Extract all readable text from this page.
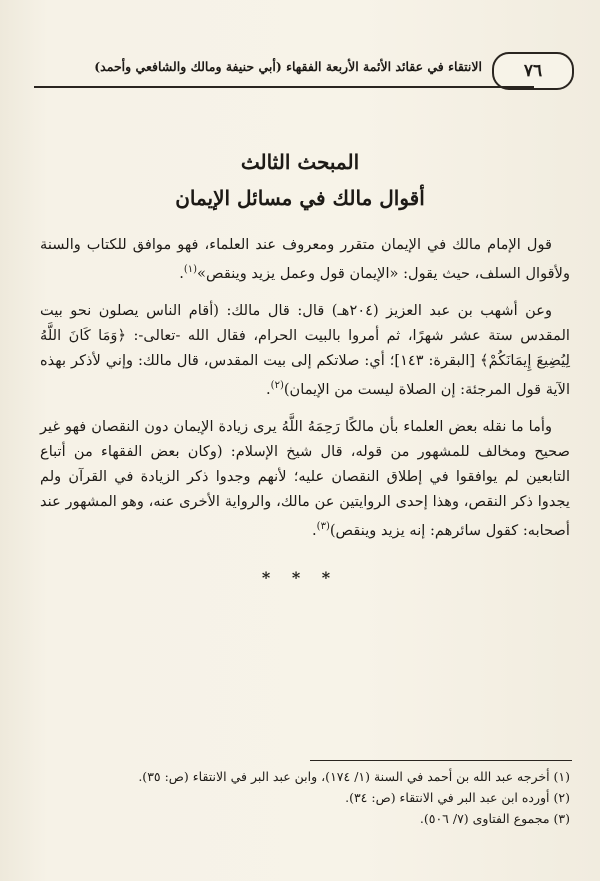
٧٦
الانتقاء في عقائد الأئمة الأربعة الفقهاء (أبي حنيفة ومالك والشافعي وأحمد)
المبحث الثالث
أقوال مالك في مسائل الإيمان

قول الإمام مالك في الإيمان متقرر ومعروف عند العلماء، فهو موافق للكتاب والسنة ولأقوال السلف، حيث يقول: «الإيمان قول وعمل يزيد وينقص»$^{(١)}$.

وعن أشهب بن عبد العزيز (٢٠٤هـ) قال: قال مالك: (أقام الناس يصلون نحو بيت المقدس ستة عشر شهرًا، ثم أمروا بالبيت الحرام، فقال الله -تعالى-: ﴿وَمَا كَانَ اللَّهُ لِيُضِيعَ إِيمَانَكُمْ﴾ [البقرة: ١٤٣]؛ أي: صلاتكم إلى بيت المقدس، قال مالك: وإني لأذكر بهذه الآية قول المرجئة: إن الصلاة ليست من الإيمان)$^{(٢)}$.

وأما ما نقله بعض العلماء بأن مالكًا رَحِمَهُ اللَّهُ يرى زيادة الإيمان دون النقصان فهو غير صحيح ومخالف للمشهور من قوله، قال شيخ الإسلام: (وكان بعض الفقهاء من أتباع التابعين لم يوافقوا في إطلاق النقصان عليه؛ لأنهم وجدوا ذكر الزيادة في القرآن ولم يجدوا ذكر النقص، وهذا إحدى الروايتين عن مالك، والرواية الأخرى عنه، وهو المشهور عند أصحابه: كقول سائرهم: إنه يزيد وينقص)$^{(٣)}$.

* * *
(١) أخرجه عبد الله بن أحمد في السنة (١/ ١٧٤)، وابن عبد البر في الانتقاء (ص: ٣٥).
(٢) أورده ابن عبد البر في الانتقاء (ص: ٣٤).
(٣) مجموع الفتاوى (٧/ ٥٠٦).
